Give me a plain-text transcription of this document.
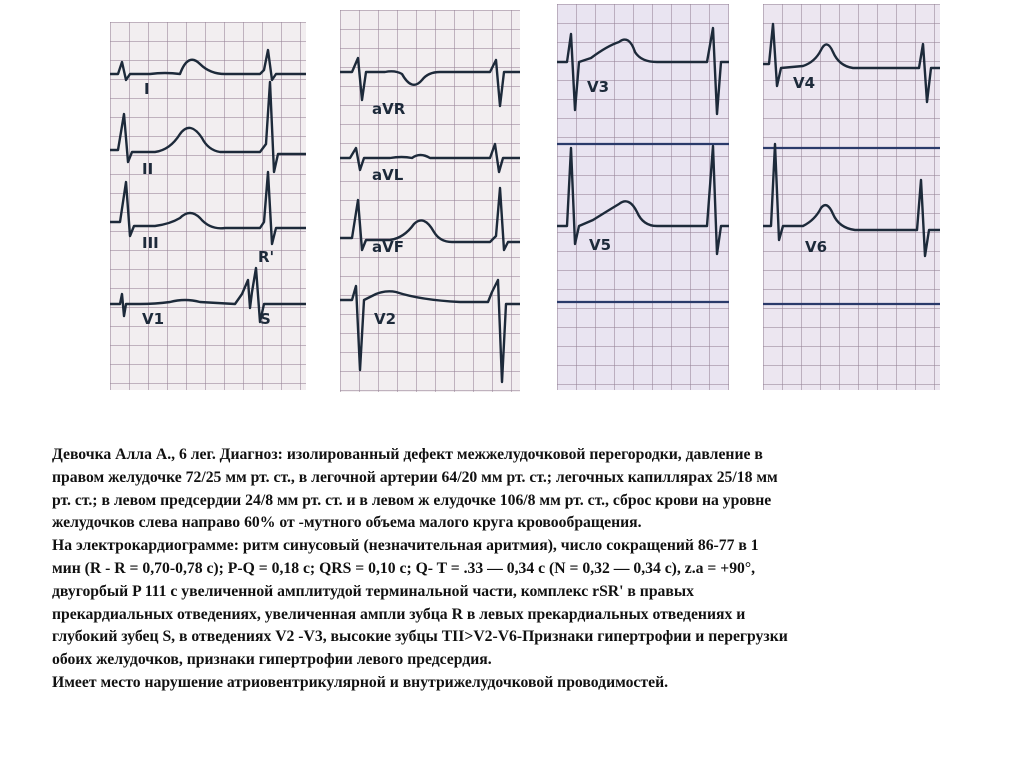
I
II
III
R'
V1	S
aVR
aVL
aVF
V2
V3
V5
V4
V6
Девочка Алла А., 6 лег. Диагноз: изолированный дефект межжелудочковой перегородки, давление в
правом желудочке 72/25 мм рт. ст., в легочной артерии 64/20 мм рт. ст.; легочных капиллярах 25/18 мм
рт. ст.; в левом предсердии 24/8 мм рт. ст. и в левом ж елудочке 106/8 мм рт. ст., сброс крови на уровне
желудочков слева направо 60% от -мутного объема малого круга кровообращения.
На электрокардиограмме: ритм синусовый (незначительная аритмия), число сокращений 86-77 в 1
мин (R - R = 0,70-0,78 с); P-Q = 0,18 с; QRS = 0,10 с; Q- T = .33 — 0,34 с (N = 0,32 — 0,34 с), z.a = +90°,
двугорбый P 111 с увеличенной амплитудой терминальной части, комплекс rSR' в правых
прекардиальных отведениях, увеличенная ампли зубца R в левых прекардиальных отведениях и
глубокий зубец S, в отведениях V2 -V3, высокие зубцы TII>V2-V6-Признаки гипертрофии и перегрузки
обоих желудочков, признаки гипертрофии левого предсердия.
Имеет место нарушение атриовентрикулярной и внутрижелудочковой проводимостей.
